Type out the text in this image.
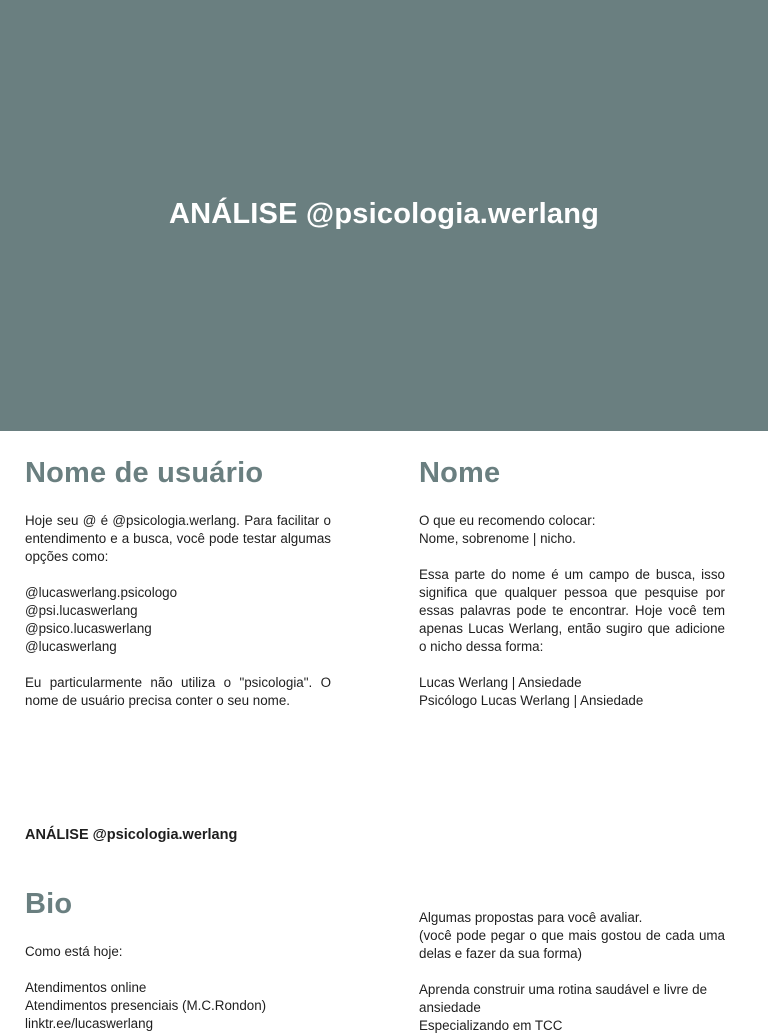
ANÁLISE @psicologia.werlang
Nome de usuário

Hoje seu @ é @psicologia.werlang. Para facilitar o entendimento e a busca, você pode testar algumas opções como:

@lucaswerlang.psicologo

@psi.lucaswerlang

@psico.lucaswerlang

@lucaswerlang

Eu particularmente não utiliza o "psicologia". O nome de usuário precisa conter o seu nome.

Nome

O que eu recomendo colocar:

Nome, sobrenome | nicho.

Essa parte do nome é um campo de busca, isso significa que qualquer pessoa que pesquise por essas palavras pode te encontrar. Hoje você tem apenas Lucas Werlang, então sugiro que adicione o nicho dessa forma:

Lucas Werlang | Ansiedade

Psicólogo Lucas Werlang | Ansiedade

ANÁLISE @psicologia.werlang
Bio

Como está hoje:

Atendimentos online

Atendimentos presenciais (M.C.Rondon)

linktr.ee/lucaswerlang

Algumas propostas para você avaliar.

(você pode pegar o que mais gostou de cada uma delas e fazer da sua forma)

Aprenda construir uma rotina saudável e livre de ansiedade

Especializando em TCC
